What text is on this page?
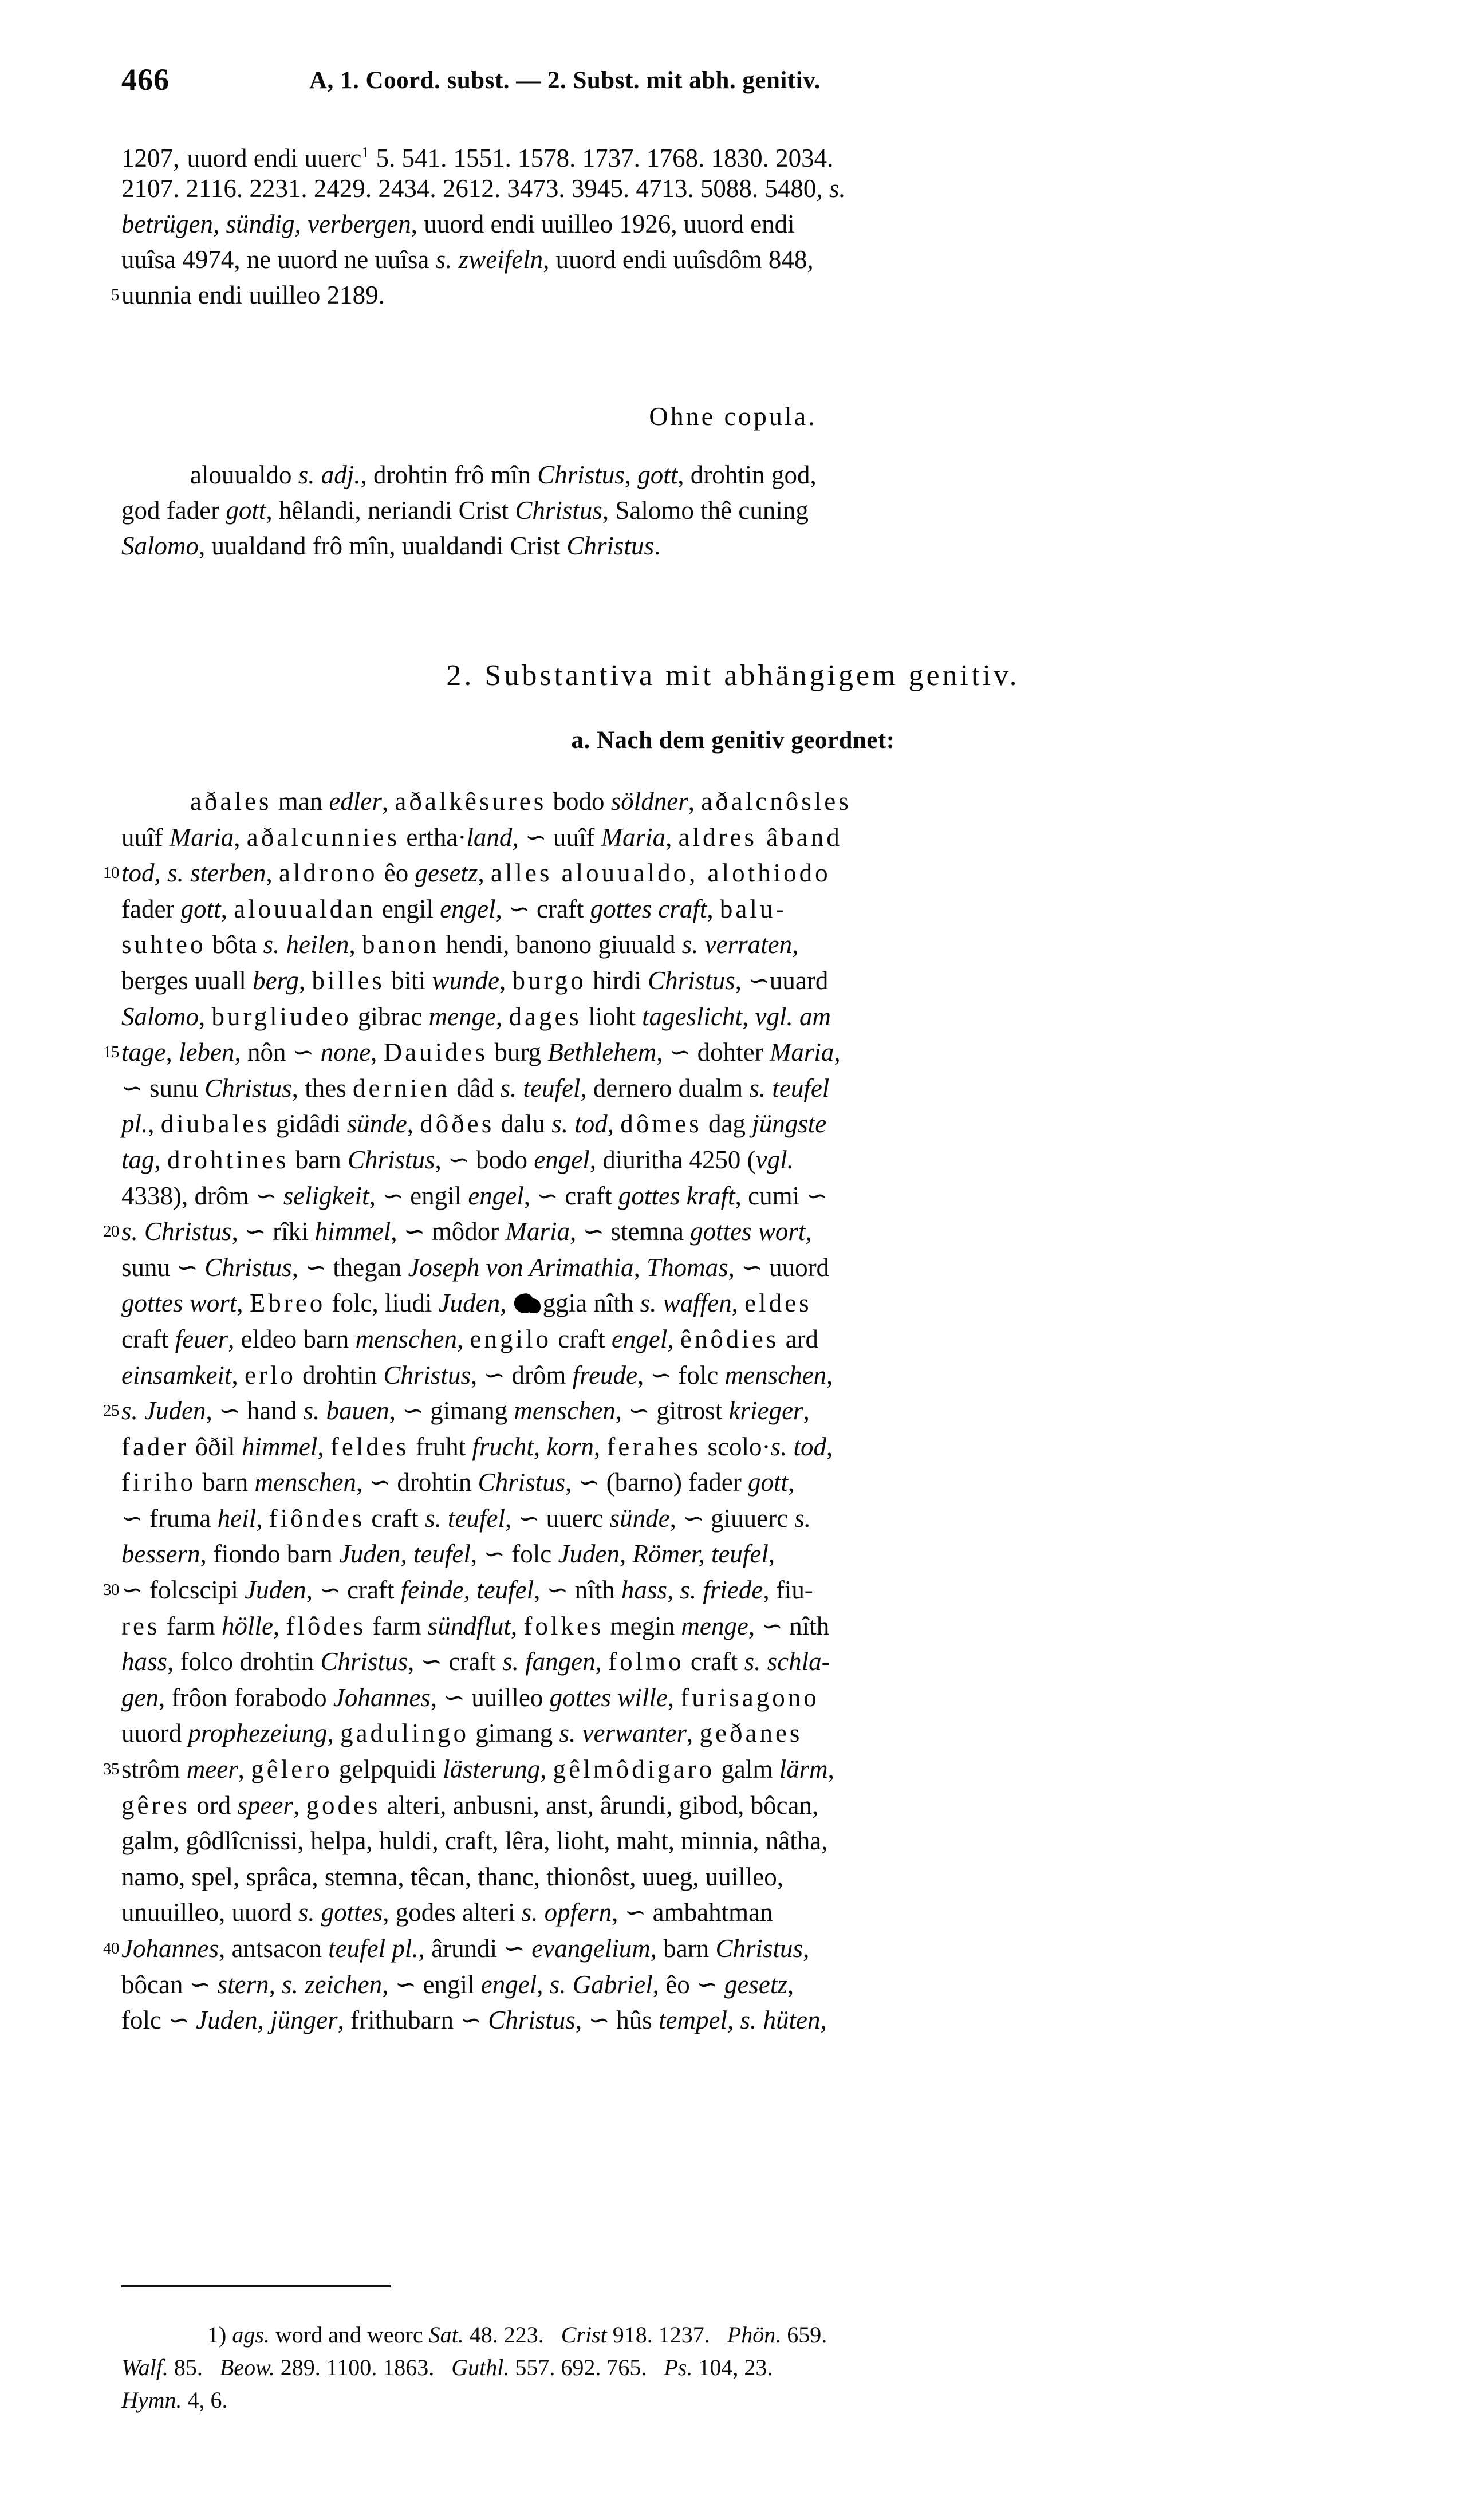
466	A, 1. Coord. subst. — 2. Subst. mit abh. genitiv.
1207, uuord endi uuerc$^1$ 5. 541. 1551. 1578. 1737. 1768. 1830. 2034.
2107. 2116. 2231. 2429. 2434. 2612. 3473. 3945. 4713. 5088. 5480, s.
betrügen, sündig, verbergen, uuord endi uuilleo 1926, uuord endi
uuîsa 4974, ne uuord ne uuîsa s. zweifeln, uuord endi uuîsdôm 848,
5 uunnia endi uuilleo 2189.
Ohne copula.
alouualdo s. adj., drohtin frô mîn Christus, gott, drohtin god,
god fader gott, hêlandi, neriandi Crist Christus, Salomo thê cuning
Salomo, uualdand frô mîn, uualdandi Crist Christus.
2. Substantiva mit abhängigem genitiv.
a. Nach dem genitiv geordnet:
aðales man edler, aðalkêsures bodo söldner, aðalcnôsles
uuîf Maria, aðalcunnies ertha·land, ∽ uuîf Maria, aldres âband
10 tod, s. sterben, aldrono êo gesetz, alles alouualdo, alothiodo
fader gott, alouualdan engil engel, ∽ craft gottes craft, balu-
suhteo bôta s. heilen, banon hendi, banono giuuald s. verraten,
berges uuall berg, billes biti wunde, burgo hirdi Christus, ∽uuard
Salomo, burgliudeo gibrac menge, dages lioht tageslicht, vgl. am
15 tage, leben, nôn ∽ none, Dauides burg Bethlehem, ∽ dohter Maria,
∽ sunu Christus, thes dernien dâd s. teufel, dernero dualm s. teufel
pl., diubales gidâdi sünde, dôðes dalu s. tod, dômes dag jüngste
tag, drohtines barn Christus, ∽ bodo engel, diuritha 4250 (vgl.
4338), drôm ∽ seligkeit, ∽ engil engel, ∽ craft gottes kraft, cumi ∽
20 s. Christus, ∽ rîki himmel, ∽ môdor Maria, ∽ stemna gottes wort,
sunu ∽ Christus, ∽ thegan Joseph von Arimathia, Thomas, ∽ uuord
gottes wort, Ebreo folc, liudi Juden, ggia nîth s. waffen, eldes
craft feuer, eldeo barn menschen, engilo craft engel, ênôdies ard
einsamkeit, erlo drohtin Christus, ∽ drôm freude, ∽ folc menschen,
25 s. Juden, ∽ hand s. bauen, ∽ gimang menschen, ∽ gitrost krieger,
fader ôðil himmel, feldes fruht frucht, korn, ferahes scolo·s. tod,
firiho barn menschen, ∽ drohtin Christus, ∽ (barno) fader gott,
∽ fruma heil, fiôndes craft s. teufel, ∽ uuerc sünde, ∽ giuuerc s.
bessern, fiondo barn Juden, teufel, ∽ folc Juden, Römer, teufel,
30 ∽ folcscipi Juden, ∽ craft feinde, teufel, ∽ nîth hass, s. friede, fiu-
res farm hölle, flôdes farm sündflut, folkes megin menge, ∽ nîth
hass, folco drohtin Christus, ∽ craft s. fangen, folmo craft s. schla-
gen, frôon forabodo Johannes, ∽ uuilleo gottes wille, furisagono
uuord prophezeiung, gadulingo gimang s. verwanter, geðanes
35 strôm meer, gêlero gelpquidi lästerung, gêlmôdigaro galm lärm,
gêres ord speer, godes alteri, anbusni, anst, ârundi, gibod, bôcan,
galm, gôdlîcnissi, helpa, huldi, craft, lêra, lioht, maht, minnia, nâtha,
namo, spel, sprâca, stemna, têcan, thanc, thionôst, uueg, uuilleo,
unuuilleo, uuord s. gottes, godes alteri s. opfern, ∽ ambahtman
40 Johannes, antsacon teufel pl., ârundi ∽ evangelium, barn Christus,
bôcan ∽ stern, s. zeichen, ∽ engil engel, s. Gabriel, êo ∽ gesetz,
folc ∽ Juden, jünger, frithubarn ∽ Christus, ∽ hûs tempel, s. hüten,
1) ags. word and weorc Sat. 48. 223.   Crist 918. 1237.   Phön. 659.
Walf. 85.   Beow. 289. 1100. 1863.   Guthl. 557. 692. 765.   Ps. 104, 23.
Hymn. 4, 6.
